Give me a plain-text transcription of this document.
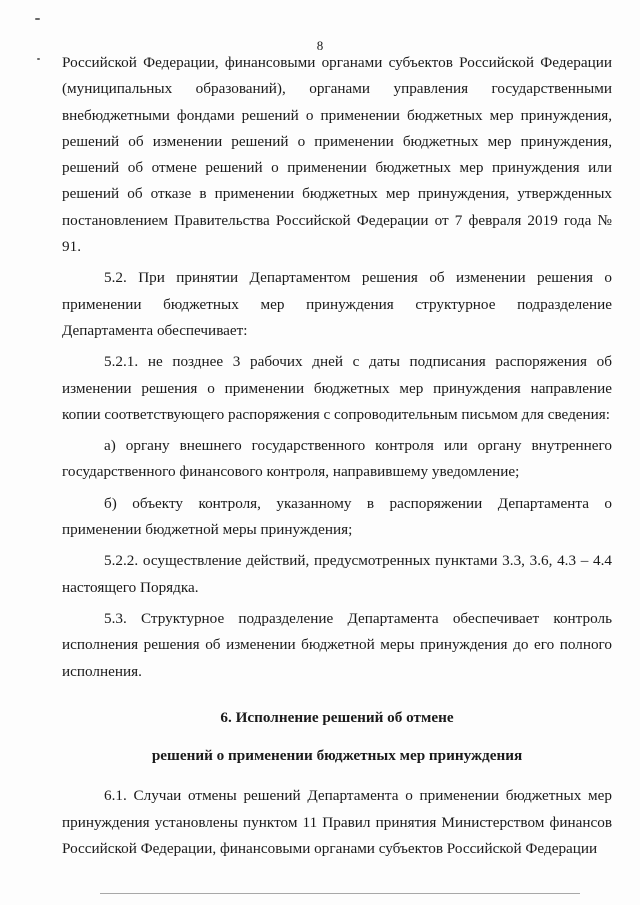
8

Российской Федерации, финансовыми органами субъектов Российской Федерации (муниципальных образований), органами управления государственными внебюджетными фондами решений о применении бюджетных мер принуждения, решений об изменении решений о применении бюджетных мер принуждения, решений об отмене решений о применении бюджетных мер принуждения или решений об отказе в применении бюджетных мер принуждения, утвержденных постановлением Правительства Российской Федерации от 7 февраля 2019 года № 91.

5.2. При принятии Департаментом решения об изменении решения о применении бюджетных мер принуждения структурное подразделение Департамента обеспечивает:

5.2.1. не позднее 3 рабочих дней с даты подписания распоряжения об изменении решения о применении бюджетных мер принуждения направление копии соответствующего распоряжения с сопроводительным письмом для сведения:

а) органу внешнего государственного контроля или органу внутреннего государственного финансового контроля, направившему уведомление;

б) объекту контроля, указанному в распоряжении Департамента о применении бюджетной меры принуждения;

5.2.2. осуществление действий, предусмотренных пунктами 3.3, 3.6, 4.3 – 4.4 настоящего Порядка.

5.3. Структурное подразделение Департамента обеспечивает контроль исполнения решения об изменении бюджетной меры принуждения до его полного исполнения.

6. Исполнение решений об отмене

решений о применении бюджетных мер принуждения

6.1. Случаи отмены решений Департамента о применении бюджетных мер принуждения установлены пунктом 11 Правил принятия Министерством финансов Российской Федерации, финансовыми органами субъектов Российской Федерации
